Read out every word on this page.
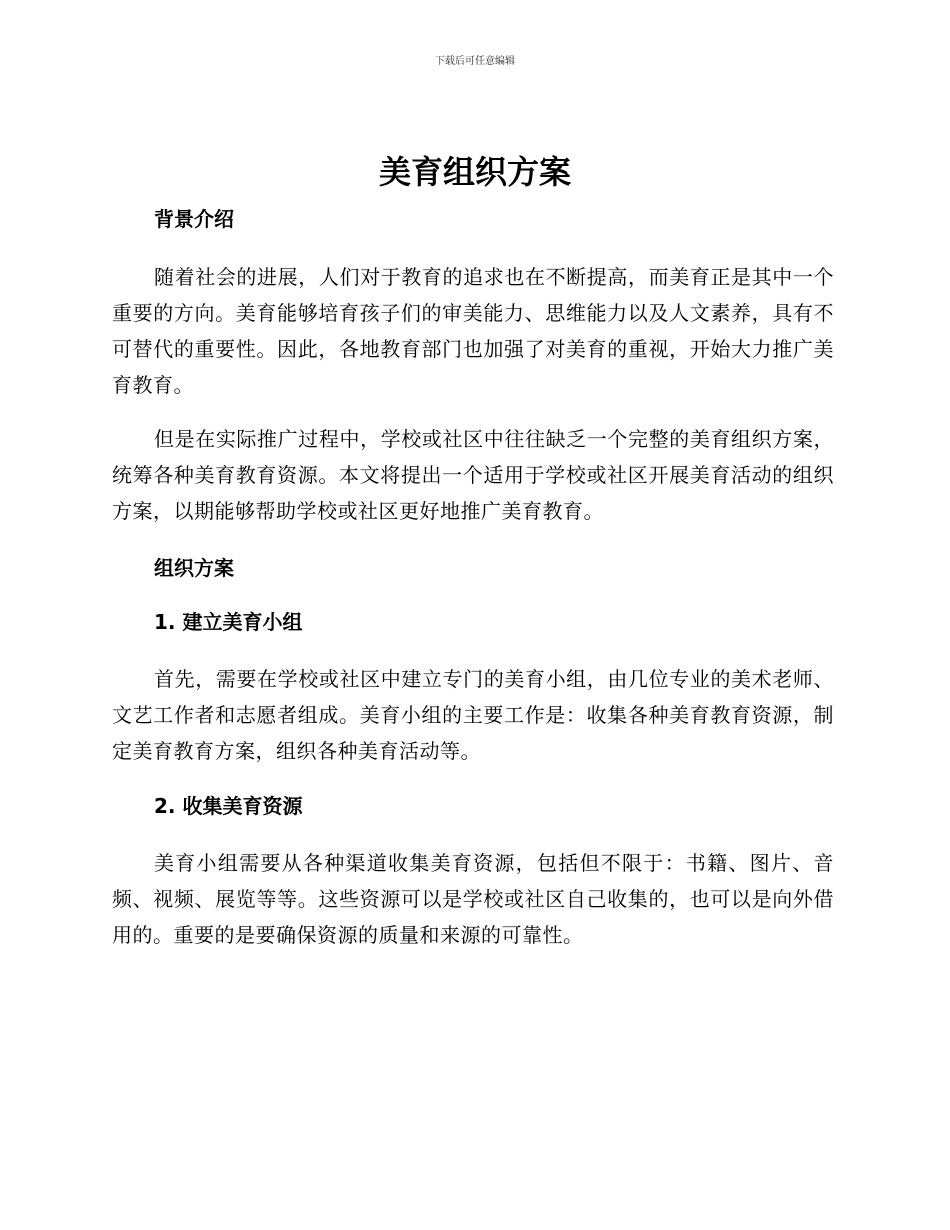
下载后可任意编辑
美育组织方案
背景介绍

随着社会的进展，人们对于教育的追求也在不断提高，而美育正是其中一个重要的方向。美育能够培育孩子们的审美能力、思维能力以及人文素养，具有不可替代的重要性。因此，各地教育部门也加强了对美育的重视，开始大力推广美育教育。

但是在实际推广过程中，学校或社区中往往缺乏一个完整的美育组织方案，统筹各种美育教育资源。本文将提出一个适用于学校或社区开展美育活动的组织方案，以期能够帮助学校或社区更好地推广美育教育。

组织方案
1. 建立美育小组

首先，需要在学校或社区中建立专门的美育小组，由几位专业的美术老师、文艺工作者和志愿者组成。美育小组的主要工作是：收集各种美育教育资源，制定美育教育方案，组织各种美育活动等。

2. 收集美育资源

美育小组需要从各种渠道收集美育资源，包括但不限于：书籍、图片、音频、视频、展览等等。这些资源可以是学校或社区自己收集的，也可以是向外借用的。重要的是要确保资源的质量和来源的可靠性。
